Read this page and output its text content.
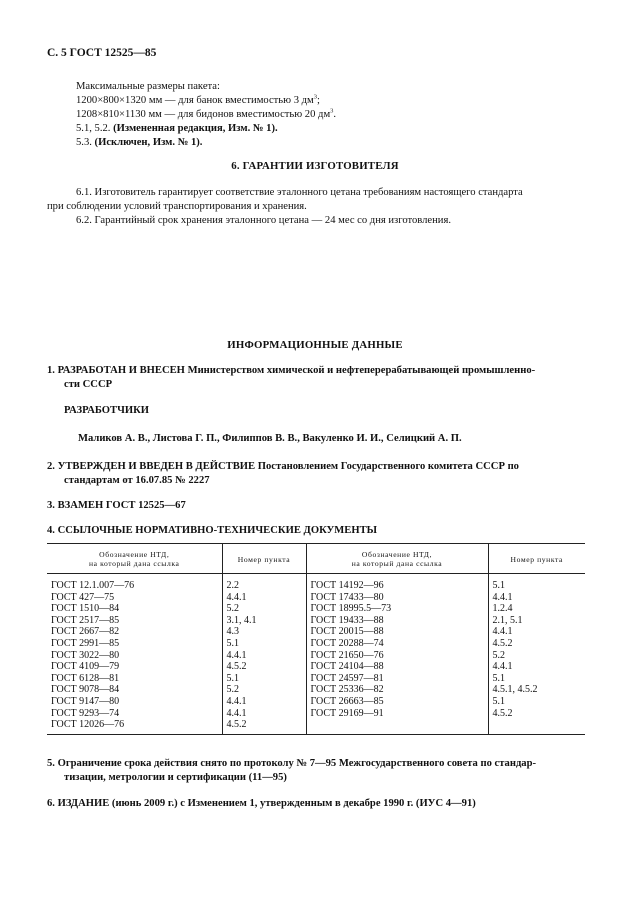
С. 5 ГОСТ 12525—85
Максимальные размеры пакета:
1200×800×1320 мм — для банок вместимостью 3 $дм^3$;
1208×810×1130 мм — для бидонов вместимостью 20 $дм^3$.
5.1, 5.2. (Измененная редакция, Изм. № 1).
5.3. (Исключен, Изм. № 1).
6. ГАРАНТИИ ИЗГОТОВИТЕЛЯ
6.1. Изготовитель гарантирует соответствие эталонного цетана требованиям настоящего стандарта
при соблюдении условий транспортирования и хранения.
6.2. Гарантийный срок хранения эталонного цетана — 24 мес со дня изготовления.
ИНФОРМАЦИОННЫЕ ДАННЫЕ
1. РАЗРАБОТАН И ВНЕСЕН Министерством химической и нефтеперерабатывающей промышленно-
сти СССР
РАЗРАБОТЧИКИ
Маликов А. В., Листова Г. П., Филиппов В. В., Вакуленко И. И., Селицкий А. П.
2. УТВЕРЖДЕН И ВВЕДЕН В ДЕЙСТВИЕ Постановлением Государственного комитета СССР по
стандартам от 16.07.85 № 2227
3. ВЗАМЕН ГОСТ 12525—67
4. ССЫЛОЧНЫЕ НОРМАТИВНО-ТЕХНИЧЕСКИЕ ДОКУМЕНТЫ
Обозначение НТД,
на который дана ссылка	Номер пункта	Обозначение НТД,
на который дана ссылка	Номер пункта
ГОСТ 12.1.007—76	2.2	ГОСТ 14192—96	5.1
ГОСТ 427—75	4.4.1	ГОСТ 17433—80	4.4.1
ГОСТ 1510—84	5.2	ГОСТ 18995.5—73	1.2.4
ГОСТ 2517—85	3.1, 4.1	ГОСТ 19433—88	2.1, 5.1
ГОСТ 2667—82	4.3	ГОСТ 20015—88	4.4.1
ГОСТ 2991—85	5.1	ГОСТ 20288—74	4.5.2
ГОСТ 3022—80	4.4.1	ГОСТ 21650—76	5.2
ГОСТ 4109—79	4.5.2	ГОСТ 24104—88	4.4.1
ГОСТ 6128—81	5.1	ГОСТ 24597—81	5.1
ГОСТ 9078—84	5.2	ГОСТ 25336—82	4.5.1, 4.5.2
ГОСТ 9147—80	4.4.1	ГОСТ 26663—85	5.1
ГОСТ 9293—74	4.4.1	ГОСТ 29169—91	4.5.2
ГОСТ 12026—76	4.5.2		
5. Ограничение срока действия снято по протоколу № 7—95 Межгосударственного совета по стандар-
тизации, метрологии и сертификации (11—95)
6. ИЗДАНИЕ (июнь 2009 г.) с Изменением 1, утвержденным в декабре 1990 г. (ИУС 4—91)
